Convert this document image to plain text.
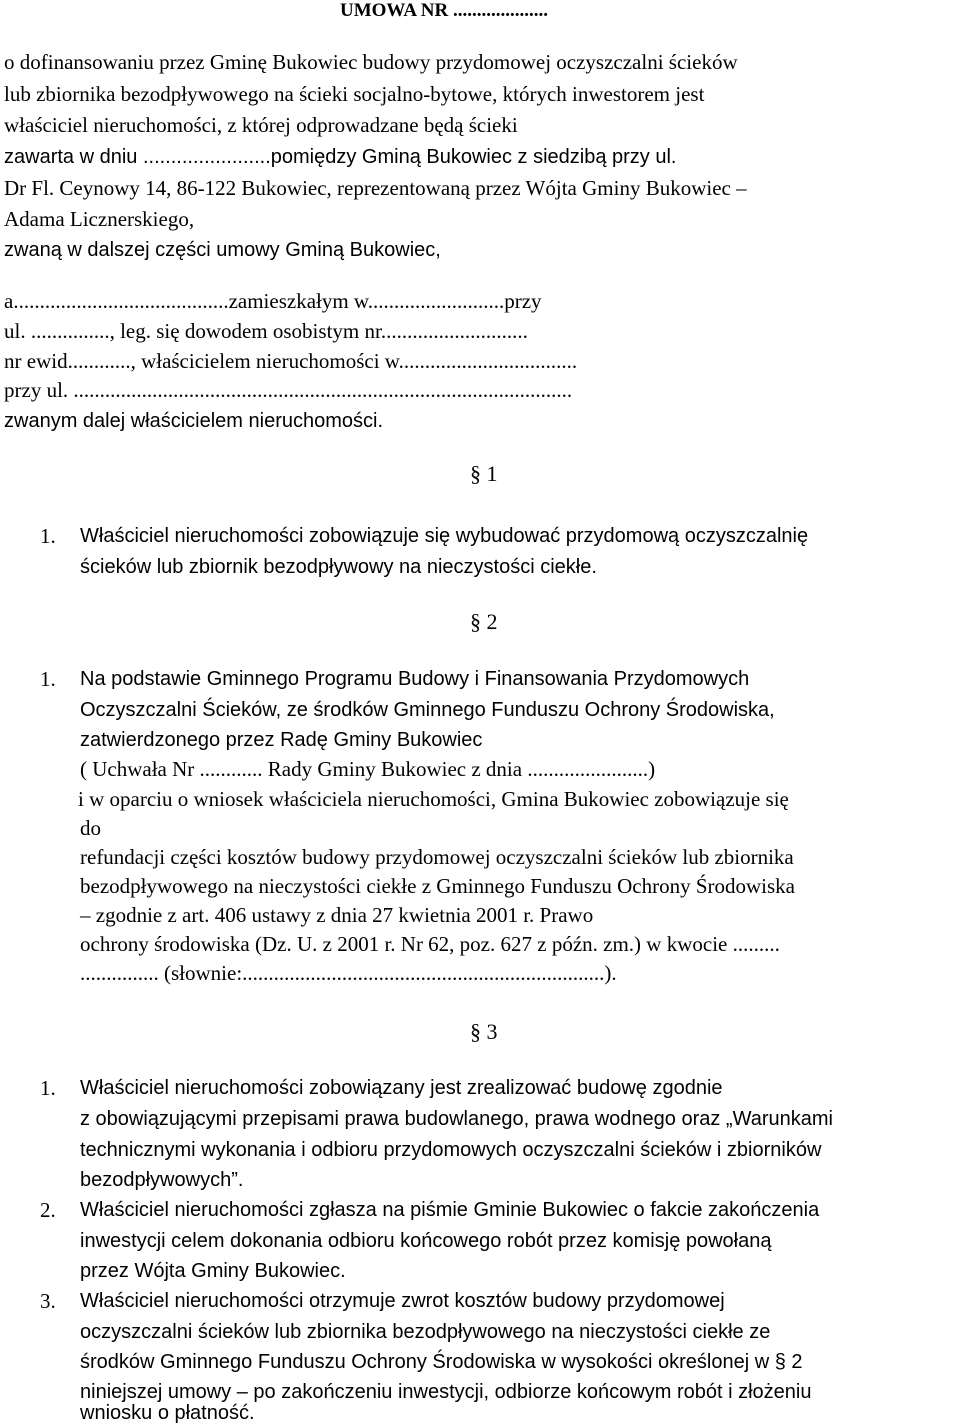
UMOWA NR ....................
o dofinansowaniu przez Gminę Bukowiec budowy przydomowej oczyszczalni ścieków
lub zbiornika bezodpływowego na ścieki socjalno-bytowe, których inwestorem jest
właściciel nieruchomości, z której odprowadzane będą ścieki
zawarta w dniu .......................pomiędzy Gminą Bukowiec z siedzibą przy ul.
Dr Fl. Ceynowy 14, 86-122 Bukowiec, reprezentowaną przez Wójta Gminy Bukowiec –
Adama Licznerskiego,
zwaną w dalszej części umowy Gminą Bukowiec,
a.........................................zamieszkałym w..........................przy
ul. ..............., leg. się dowodem osobistym nr............................
nr ewid............, właścicielem nieruchomości w..................................
przy ul. ...............................................................................................
zwanym dalej właścicielem nieruchomości.
§ 1
1. Właściciel nieruchomości zobowiązuje się wybudować przydomową oczyszczalnię
ścieków lub zbiornik bezodpływowy na nieczystości ciekłe.
§ 2
1. Na podstawie Gminnego Programu Budowy i Finansowania Przydomowych
Oczyszczalni Ścieków, ze środków Gminnego Funduszu Ochrony Środowiska,
zatwierdzonego przez Radę Gminy Bukowiec
( Uchwała Nr ............ Rady Gminy Bukowiec z dnia .......................)
i w oparciu o wniosek właściciela nieruchomości, Gmina Bukowiec zobowiązuje się
do
refundacji części kosztów budowy przydomowej oczyszczalni ścieków lub zbiornika
bezodpływowego na nieczystości ciekłe z Gminnego Funduszu Ochrony Środowiska
– zgodnie z art. 406 ustawy z dnia 27 kwietnia 2001 r. Prawo
ochrony środowiska (Dz. U. z 2001 r. Nr 62, poz. 627 z późn. zm.) w kwocie .........
............... (słownie:.....................................................................).
§ 3
1. Właściciel nieruchomości zobowiązany jest zrealizować budowę zgodnie
z obowiązującymi przepisami prawa budowlanego, prawa wodnego oraz „Warunkami
technicznymi wykonania i odbioru przydomowych oczyszczalni ścieków i zbiorników
bezodpływowych”.
2. Właściciel nieruchomości zgłasza na piśmie Gminie Bukowiec o fakcie zakończenia
inwestycji celem dokonania odbioru końcowego robót przez komisję powołaną
przez Wójta Gminy Bukowiec.
3. Właściciel nieruchomości otrzymuje zwrot kosztów budowy przydomowej
oczyszczalni ścieków lub zbiornika bezodpływowego na nieczystości ciekłe ze
środków Gminnego Funduszu Ochrony Środowiska w wysokości określonej w § 2
niniejszej umowy – po zakończeniu inwestycji, odbiorze końcowym robót i złożeniu
wniosku o płatność.
